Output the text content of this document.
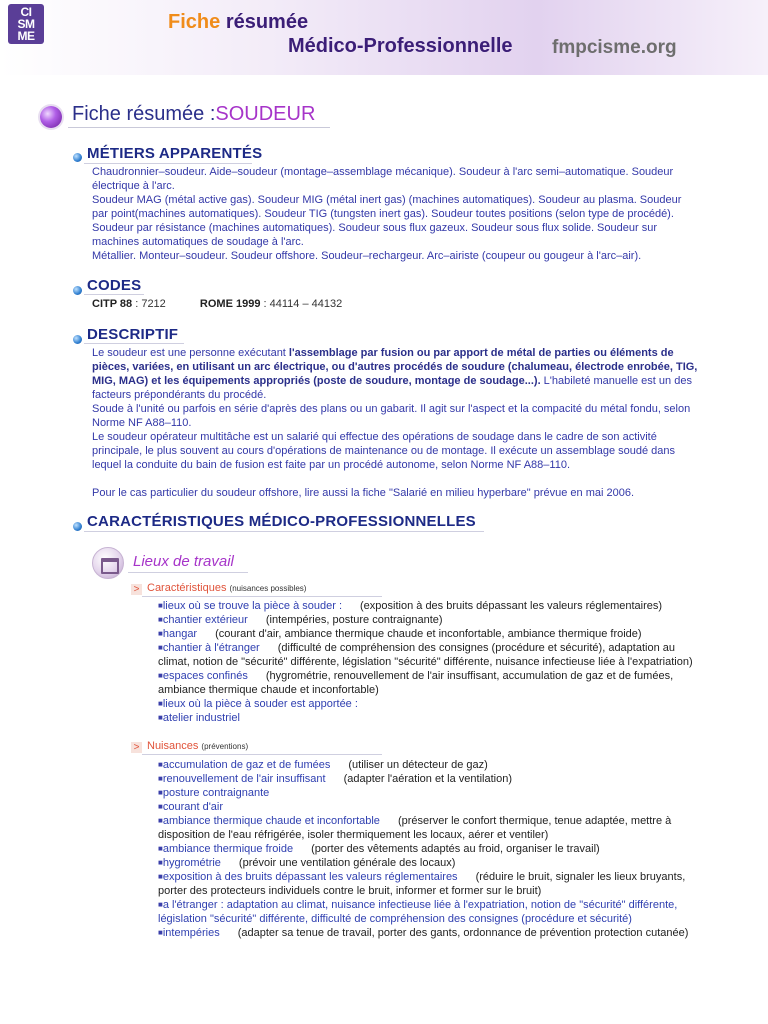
CI
SM
ME
Fiche résumée
Médico-Professionnelle fmpcisme.org
Fiche résumée :SOUDEUR
MÉTIERS APPARENTÉS
Chaudronnier–soudeur. Aide–soudeur (montage–assemblage mécanique). Soudeur à l'arc semi–automatique. Soudeur
électrique à l'arc.
Soudeur MAG (métal active gas). Soudeur MIG (métal inert gas) (machines automatiques). Soudeur au plasma. Soudeur
par point(machines automatiques). Soudeur TIG (tungsten inert gas). Soudeur toutes positions (selon type de procédé).
Soudeur par résistance (machines automatiques). Soudeur sous flux gazeux. Soudeur sous flux solide. Soudeur sur
machines automatiques de soudage à l'arc.
Métallier. Monteur–soudeur. Soudeur offshore. Soudeur–rechargeur. Arc–airiste (coupeur ou gougeur à l'arc–air).
CODES
CITP 88 : 7212	ROME 1999 : 44114 – 44132
DESCRIPTIF
Le soudeur est une personne exécutant l'assemblage par fusion ou par apport de métal de parties ou éléments de
pièces, variées, en utilisant un arc électrique, ou d'autres procédés de soudure (chalumeau, électrode enrobée, TIG,
MIG, MAG) et les équipements appropriés (poste de soudure, montage de soudage...). L'habileté manuelle est un des
facteurs prépondérants du procédé.
Soude à l'unité ou parfois en série d'après des plans ou un gabarit. Il agit sur l'aspect et la compacité du métal fondu, selon
Norme NF A88–110.
Le soudeur opérateur multitâche est un salarié qui effectue des opérations de soudage dans le cadre de son activité
principale, le plus souvent au cours d'opérations de maintenance ou de montage. Il exécute un assemblage soudé dans
lequel la conduite du bain de fusion est faite par un procédé autonome, selon Norme NF A88–110.
Pour le cas particulier du soudeur offshore, lire aussi la fiche "Salarié en milieu hyperbare" prévue en mai 2006.
CARACTÉRISTIQUES MÉDICO-PROFESSIONNELLES
Lieux de travail
> Caractéristiques (nuisances possibles)
■lieux où se trouve la pièce à souder : (exposition à des bruits dépassant les valeurs réglementaires)
■chantier extérieur (intempéries, posture contraignante)
■hangar (courant d'air, ambiance thermique chaude et inconfortable, ambiance thermique froide)
■chantier à l'étranger (difficulté de compréhension des consignes (procédure et sécurité), adaptation au
climat, notion de "sécurité" différente, législation "sécurité" différente, nuisance infectieuse liée à l'expatriation)
■espaces confinés (hygrométrie, renouvellement de l'air insuffisant, accumulation de gaz et de fumées,
ambiance thermique chaude et inconfortable)
■lieux où la pièce à souder est apportée :
■atelier industriel
> Nuisances (préventions)
■accumulation de gaz et de fumées (utiliser un détecteur de gaz)
■renouvellement de l'air insuffisant (adapter l'aération et la ventilation)
■posture contraignante
■courant d'air
■ambiance thermique chaude et inconfortable (préserver le confort thermique, tenue adaptée, mettre à
disposition de l'eau réfrigérée, isoler thermiquement les locaux, aérer et ventiler)
■ambiance thermique froide (porter des vêtements adaptés au froid, organiser le travail)
■hygrométrie (prévoir une ventilation générale des locaux)
■exposition à des bruits dépassant les valeurs réglementaires (réduire le bruit, signaler les lieux bruyants,
porter des protecteurs individuels contre le bruit, informer et former sur le bruit)
■a l'étranger : adaptation au climat, nuisance infectieuse liée à l'expatriation, notion de "sécurité" différente,
législation "sécurité" différente, difficulté de compréhension des consignes (procédure et sécurité)
■intempéries (adapter sa tenue de travail, porter des gants, ordonnance de prévention protection cutanée)
